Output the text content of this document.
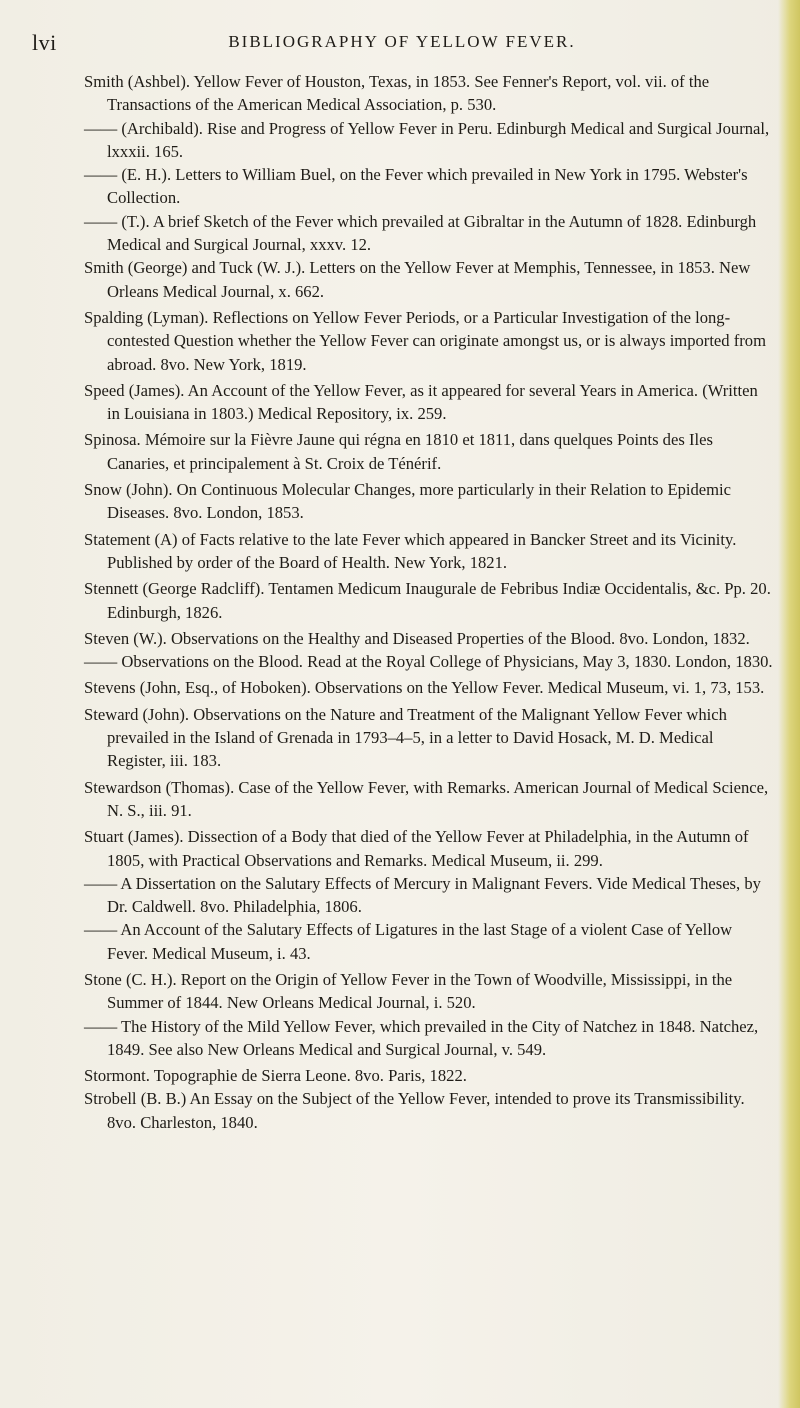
lvi	BIBLIOGRAPHY OF YELLOW FEVER.

Smith (Ashbel). Yellow Fever of Houston, Texas, in 1853. See Fenner's Report, vol. vii. of the Transactions of the American Medical Association, p. 530.

—— (Archibald). Rise and Progress of Yellow Fever in Peru. Edinburgh Medical and Surgical Journal, lxxxii. 165.

—— (E. H.). Letters to William Buel, on the Fever which prevailed in New York in 1795. Webster's Collection.

—— (T.). A brief Sketch of the Fever which prevailed at Gibraltar in the Autumn of 1828. Edinburgh Medical and Surgical Journal, xxxv. 12.

Smith (George) and Tuck (W. J.). Letters on the Yellow Fever at Memphis, Tennessee, in 1853. New Orleans Medical Journal, x. 662.

Spalding (Lyman). Reflections on Yellow Fever Periods, or a Particular Investigation of the long-contested Question whether the Yellow Fever can originate amongst us, or is always imported from abroad. 8vo. New York, 1819.

Speed (James). An Account of the Yellow Fever, as it appeared for several Years in America. (Written in Louisiana in 1803.) Medical Repository, ix. 259.

Spinosa. Mémoire sur la Fièvre Jaune qui régna en 1810 et 1811, dans quelques Points des Iles Canaries, et principalement à St. Croix de Ténérif.

Snow (John). On Continuous Molecular Changes, more particularly in their Relation to Epidemic Diseases. 8vo. London, 1853.

Statement (A) of Facts relative to the late Fever which appeared in Bancker Street and its Vicinity. Published by order of the Board of Health. New York, 1821.

Stennett (George Radcliff). Tentamen Medicum Inaugurale de Febribus Indiæ Occidentalis, &c. Pp. 20. Edinburgh, 1826.

Steven (W.). Observations on the Healthy and Diseased Properties of the Blood. 8vo. London, 1832.

—— Observations on the Blood. Read at the Royal College of Physicians, May 3, 1830. London, 1830.

Stevens (John, Esq., of Hoboken). Observations on the Yellow Fever. Medical Museum, vi. 1, 73, 153.

Steward (John). Observations on the Nature and Treatment of the Malignant Yellow Fever which prevailed in the Island of Grenada in 1793–4–5, in a letter to David Hosack, M. D. Medical Register, iii. 183.

Stewardson (Thomas). Case of the Yellow Fever, with Remarks. American Journal of Medical Science, N. S., iii. 91.

Stuart (James). Dissection of a Body that died of the Yellow Fever at Philadelphia, in the Autumn of 1805, with Practical Observations and Remarks. Medical Museum, ii. 299.

—— A Dissertation on the Salutary Effects of Mercury in Malignant Fevers. Vide Medical Theses, by Dr. Caldwell. 8vo. Philadelphia, 1806.

—— An Account of the Salutary Effects of Ligatures in the last Stage of a violent Case of Yellow Fever. Medical Museum, i. 43.

Stone (C. H.). Report on the Origin of Yellow Fever in the Town of Woodville, Mississippi, in the Summer of 1844. New Orleans Medical Journal, i. 520.

—— The History of the Mild Yellow Fever, which prevailed in the City of Natchez in 1848. Natchez, 1849. See also New Orleans Medical and Surgical Journal, v. 549.

Stormont. Topographie de Sierra Leone. 8vo. Paris, 1822.

Strobell (B. B.) An Essay on the Subject of the Yellow Fever, intended to prove its Transmissibility. 8vo. Charleston, 1840.
